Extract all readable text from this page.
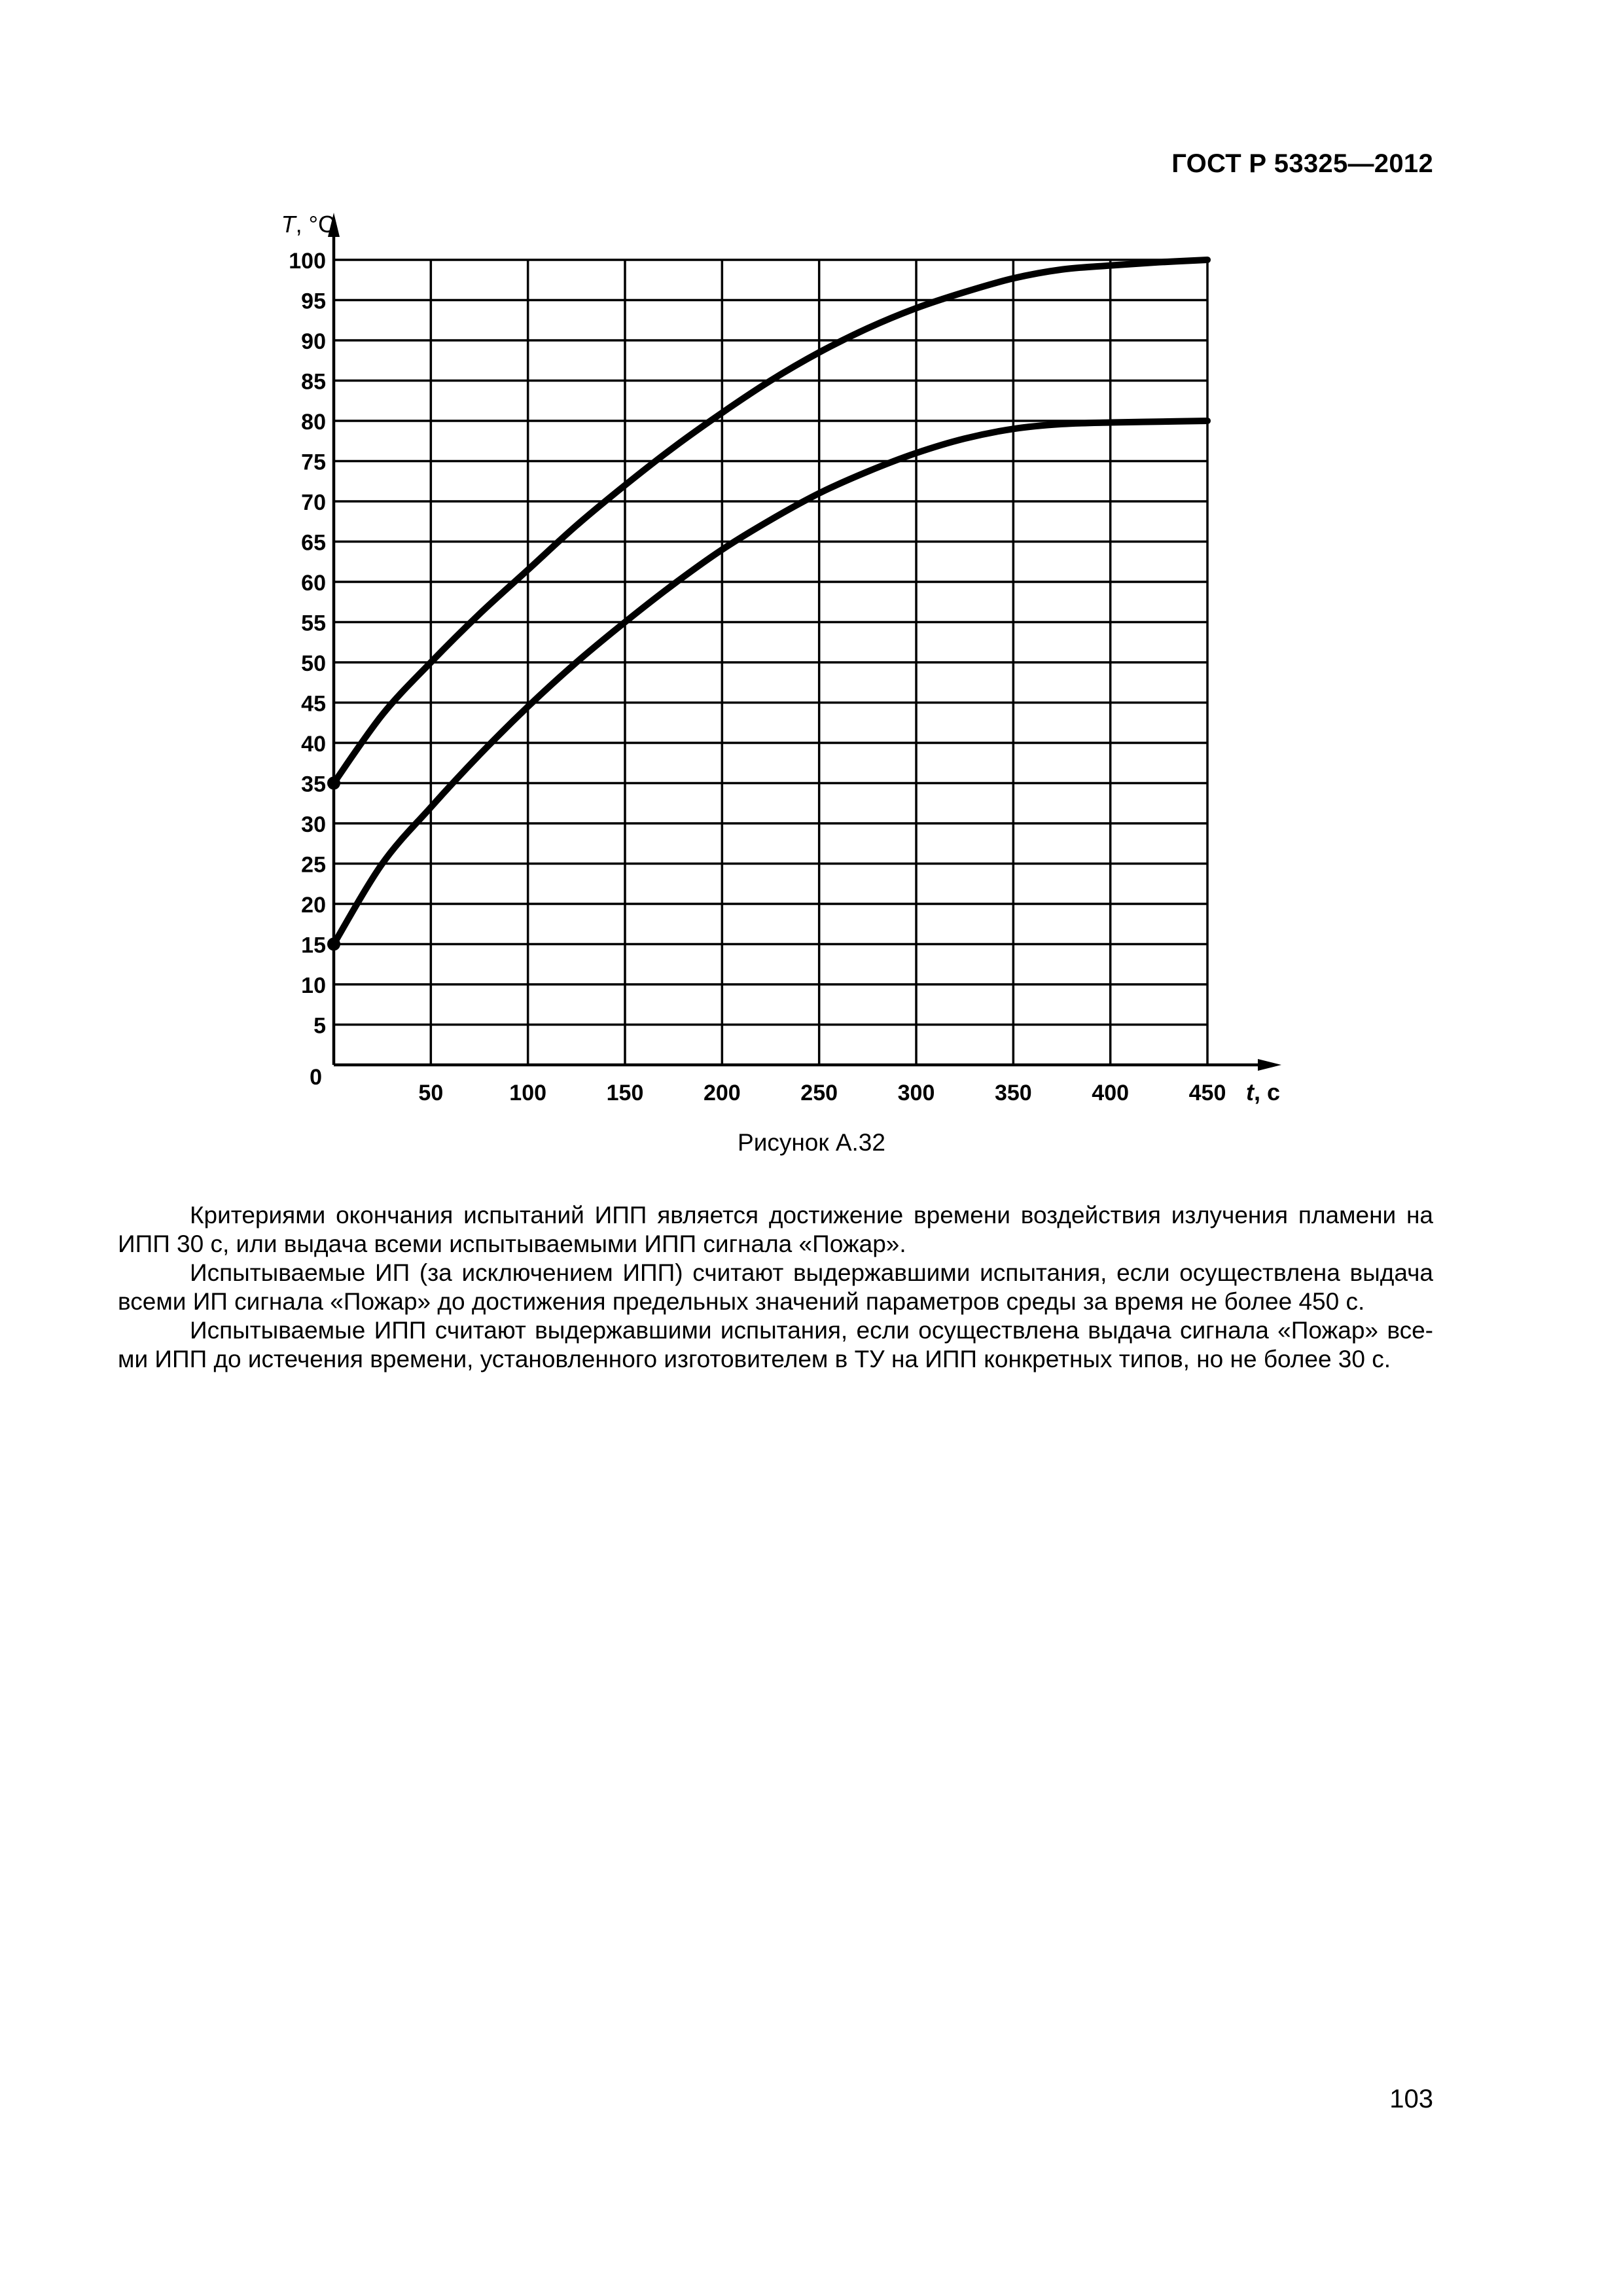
ГОСТ Р 53325—2012
5
10
15
20
25
30
35
40
45
50
55
60
65
70
75
80
85
90
95
100
50	100	150	200	250	300	350	400	450
0
T, °C
t, c
Рисунок А.32

Критериями окончания испытаний ИПП является достижение времени воздействия излучения пламени на ИПП 30 с, или выдача всеми испытываемыми ИПП сигнала «Пожар».

Испытываемые ИП (за исключением ИПП) считают выдержавшими испытания, если осуществлена выдача всеми ИП сигнала «Пожар» до достижения предельных значений параметров среды за время не более 450 с.

Испытываемые ИПП считают выдержавшими испытания, если осуществлена выдача сигнала «Пожар» всеми ИПП до истечения времени, установленного изготовителем в ТУ на ИПП конкретных типов, но не более 30 с.

103
